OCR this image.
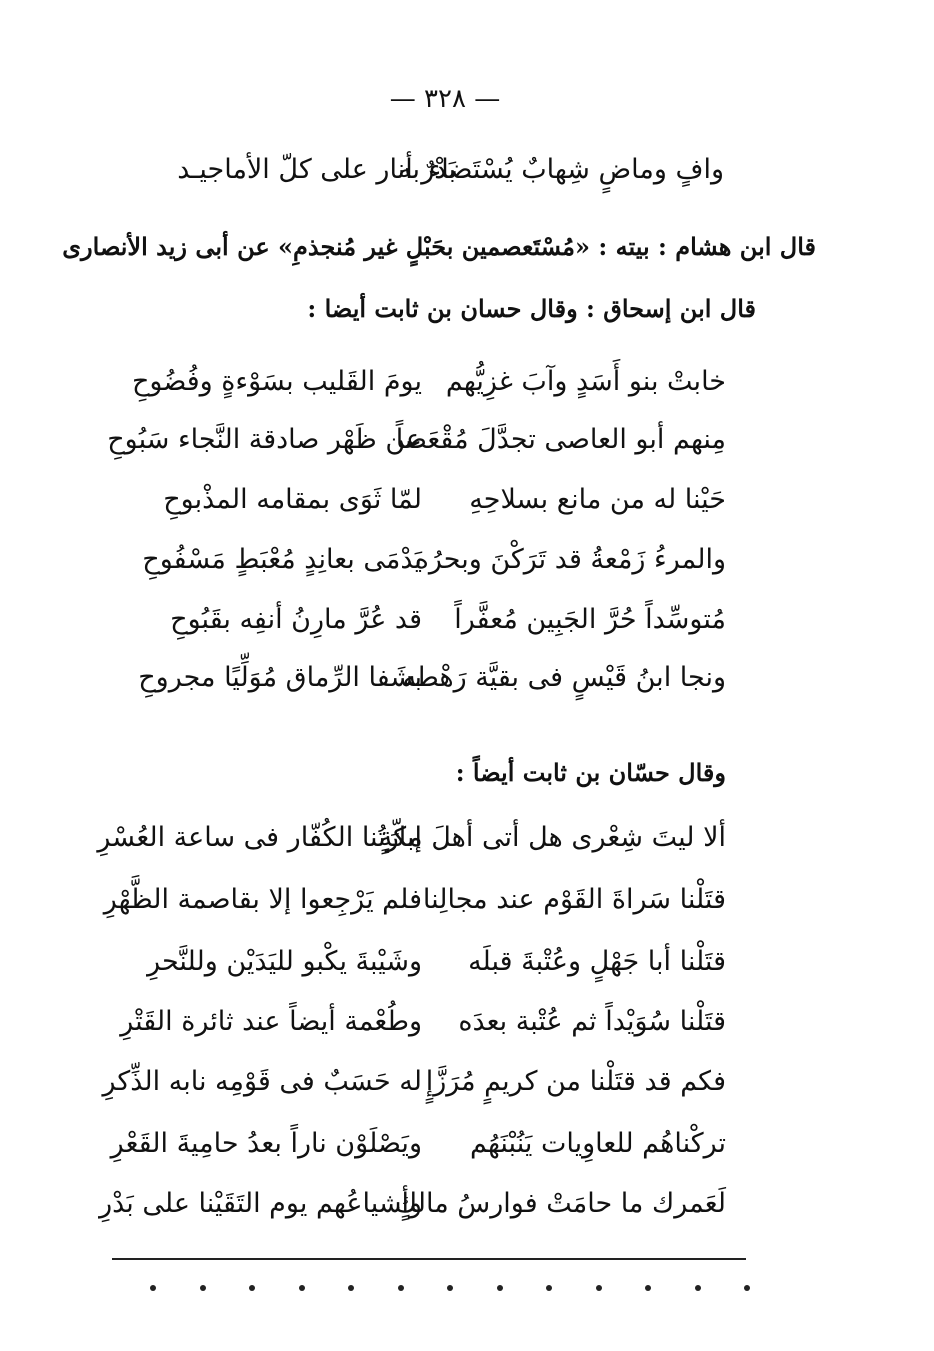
— ٣٢٨ —
وافٍ وماضٍ شِهابٌ يُسْتَضاء به
بَدْرٌ أنار على كلّ الأماجيـد
قال ابن هشام : بيته : «مُسْتَعصمين بحَبْلٍ غير مُنجذمِ» عن أبى زيد الأنصارى
قال ابن إسحاق : وقال حسان بن ثابت أيضا :
خابتْ بنو أَسَدٍ وآبَ غزِيُّهم
يومَ القَليب بسَوْءةٍ وفُضُوحِ
مِنهم أبو العاصى تجدَّلَ مُقْعَصاً
عن ظَهْر صادقة النَّجاء سَبُوحِ
حَيْنا له من مانع بسلاحِهِ
لمّا ثَوَى بمقامه المذْبوحِ
والمرءُ زَمْعةُ قد تَرَكْنَ وبحرُه
يَدْمَى بعانِدٍ مُعْبَطٍ مَسْفُوحِ
مُتوسِّداً حُرَّ الجَبِين مُعفَّراً
قد عُرَّ مارِنُ أنفِه بقَبُوحِ
ونجا ابنُ قَيْسٍ فى بقيَّة رَهْطه
بشَفا الرِّماق مُوَلِّيًا مجروحِ
وقال حسّان بن ثابت أيضاً :
ألا ليتَ شِعْرى هل أتى أهلَ مكّةٍ
إبارَتُنا الكُفّار فى ساعة العُسْرِ
قتَلْنا سَراةَ القَوْم عند مجالِنا
فلم يَرْجِعوا إلا بقاصمة الظَّهْرِ
قتَلْنا أبا جَهْلٍ وعُتْبةَ قبلَه
وشَيْبةَ يكْبو لليَدَيْن وللنَّحرِ
قتَلْنا سُوَيْداً ثم عُتْبة بعدَه
وطُعْمة أيضاً عند ثائرة القَتْرِ
فكم قد قتَلْنا من كريمٍ مُرَزَّإٍ
له حَسَبٌ فى قَوْمِه نابه الذِّكرِ
تركْناهُم للعاوِيات يَنُبْنَهُم
ويَصْلَوْن ناراً بعدُ حامِيةَ القَعْرِ
لَعَمرك ما حامَتْ فوارسُ مالكٍ
وأشياعُهم يوم التَقَيْنا على بَدْرِ
